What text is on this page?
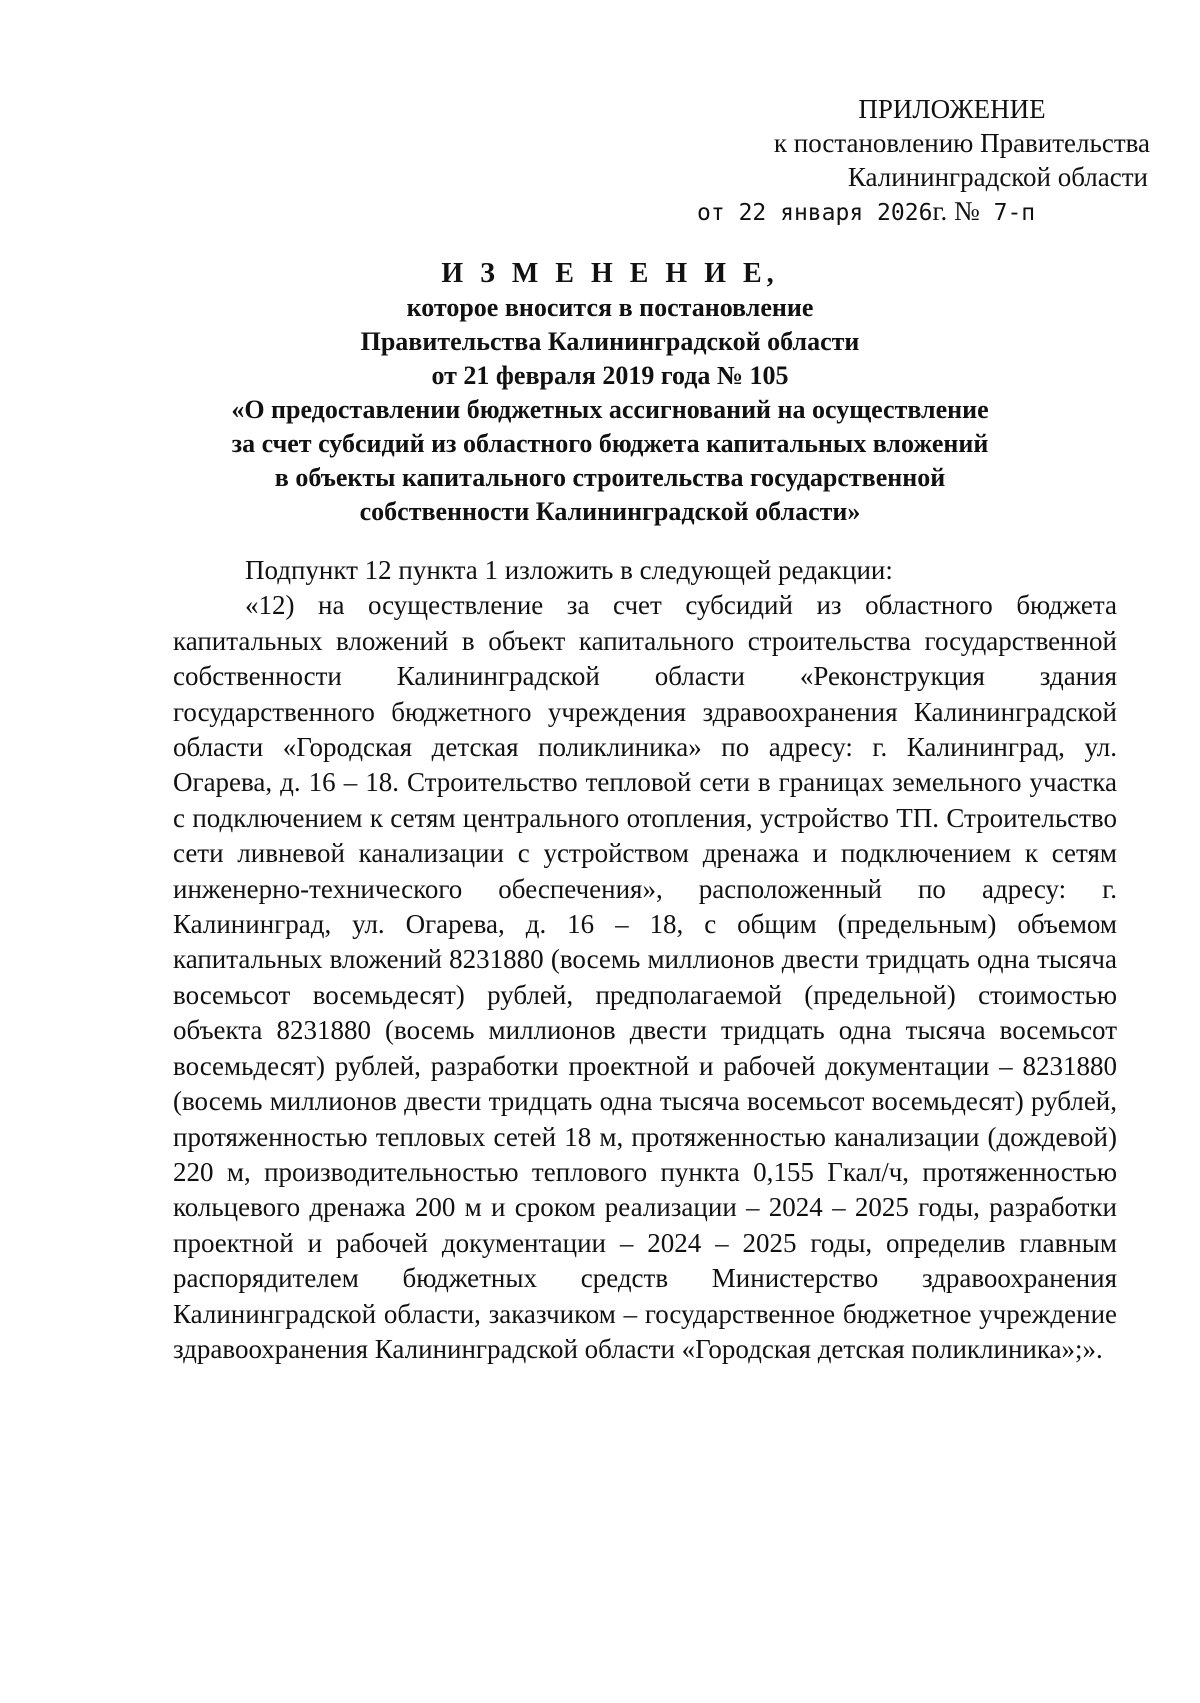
ПРИЛОЖЕНИЕ
к постановлению Правительства
Калининградской области
от 22 января 2026г. № 7-п
И З М Е Н Е Н И Е,
которое вносится в постановление
Правительства Калининградской области
от 21 февраля 2019 года № 105
«О предоставлении бюджетных ассигнований на осуществление
за счет субсидий из областного бюджета капитальных вложений
в объекты капитального строительства государственной
собственности Калининградской области»
Подпункт 12 пункта 1 изложить в следующей редакции:
«12) на осуществление за счет субсидий из областного бюджета капитальных вложений в объект капитального строительства государственной собственности Калининградской области «Реконструкция здания государственного бюджетного учреждения здравоохранения Калининградской области «Городская детская поликлиника» по адресу: г. Калининград, ул. Огарева, д. 16 – 18. Строительство тепловой сети в границах земельного участка с подключением к сетям центрального отопления, устройство ТП. Строительство сети ливневой канализации с устройством дренажа и подключением к сетям инженерно-технического обеспечения», расположенный по адресу: г. Калининград, ул. Огарева, д. 16 – 18, с общим (предельным) объемом капитальных вложений 8231880 (восемь миллионов двести тридцать одна тысяча восемьсот восемьдесят) рублей, предполагаемой (предельной) стоимостью объекта 8231880 (восемь миллионов двести тридцать одна тысяча восемьсот восемьдесят) рублей, разработки проектной и рабочей документации – 8231880 (восемь миллионов двести тридцать одна тысяча восемьсот восемьдесят) рублей, протяженностью тепловых сетей 18 м, протяженностью канализации (дождевой) 220 м, производительностью теплового пункта 0,155 Гкал/ч, протяженностью кольцевого дренажа 200 м и сроком реализации – 2024 – 2025 годы, разработки проектной и рабочей документации – 2024 – 2025 годы, определив главным распорядителем бюджетных средств Министерство здравоохранения Калининградской области, заказчиком – государственное бюджетное учреждение здравоохранения Калининградской области «Городская детская поликлиника»;».
